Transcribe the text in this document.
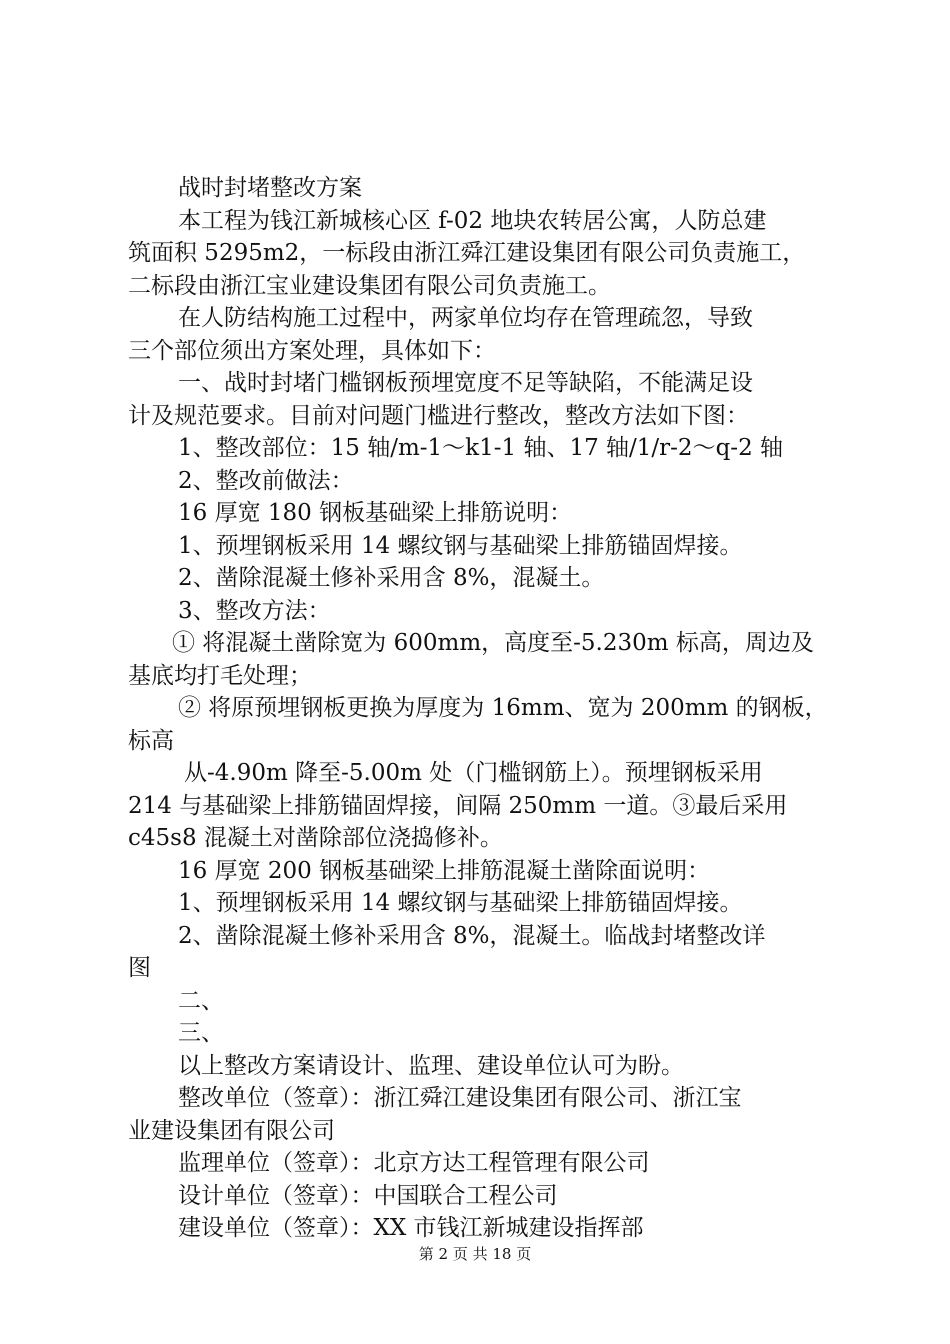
战时封堵整改方案
本工程为钱江新城核心区 f-02 地块农转居公寓，人防总建
筑面积 5295m2，一标段由浙江舜江建设集团有限公司负责施工，
二标段由浙江宝业建设集团有限公司负责施工。
在人防结构施工过程中，两家单位均存在管理疏忽，导致
三个部位须出方案处理，具体如下：
一、战时封堵门槛钢板预埋宽度不足等缺陷，不能满足设
计及规范要求。目前对问题门槛进行整改，整改方法如下图：
1、整改部位：15 轴/m-1～k1-1 轴、17 轴/1/r-2～q-2 轴
2、整改前做法：
16 厚宽 180 钢板基础梁上排筋说明：
1、预埋钢板采用 14 螺纹钢与基础梁上排筋锚固焊接。
2、凿除混凝土修补采用含 8%，混凝土。
3、整改方法：
① 将混凝土凿除宽为 600mm，高度至-5.230m 标高，周边及
基底均打毛处理；
② 将原预埋钢板更换为厚度为 16mm、宽为 200mm 的钢板，
标高
从-4.90m 降至-5.00m 处（门槛钢筋上）。预埋钢板采用
214 与基础梁上排筋锚固焊接，间隔 250mm 一道。③最后采用
c45s8 混凝土对凿除部位浇捣修补。
16 厚宽 200 钢板基础梁上排筋混凝土凿除面说明：
1、预埋钢板采用 14 螺纹钢与基础梁上排筋锚固焊接。
2、凿除混凝土修补采用含 8%，混凝土。临战封堵整改详
图
二、
三、
以上整改方案请设计、监理、建设单位认可为盼。
整改单位（签章）：浙江舜江建设集团有限公司、浙江宝
业建设集团有限公司
监理单位（签章）：北京方达工程管理有限公司
设计单位（签章）：中国联合工程公司
建设单位（签章）：XX 市钱江新城建设指挥部
第 2 页 共 18 页
